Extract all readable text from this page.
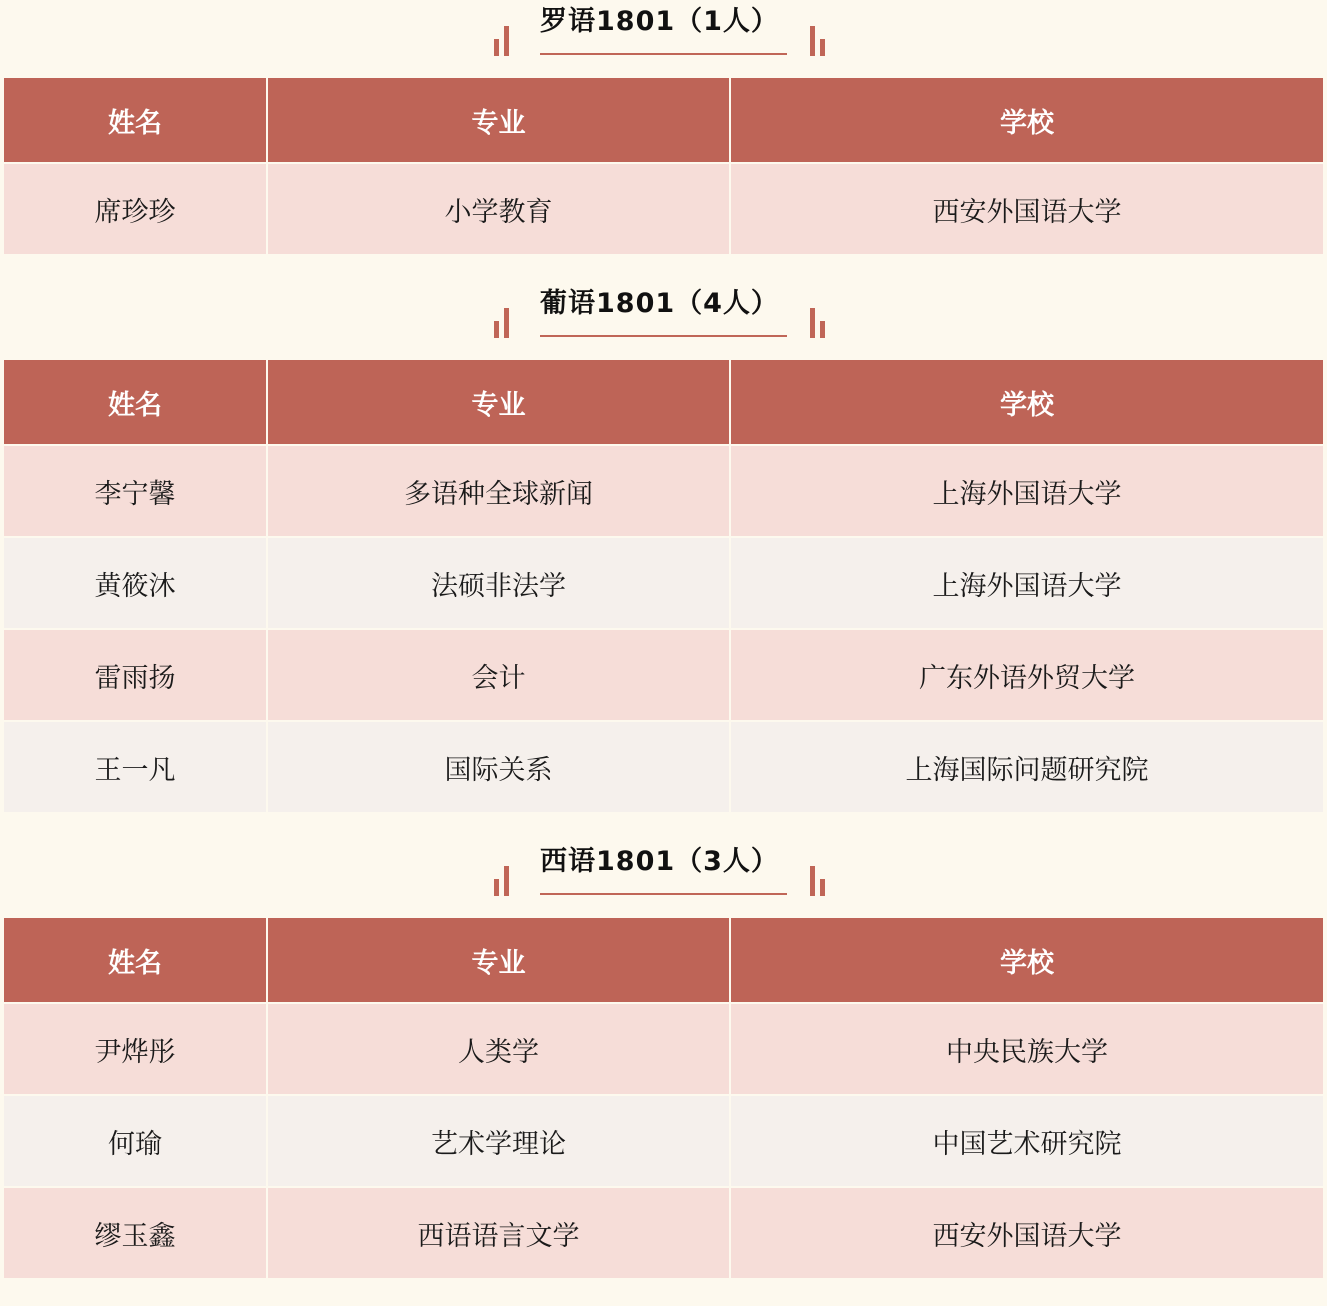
罗语1801（1人）
姓名	专业	学校
席珍珍	小学教育	西安外国语大学
葡语1801（4人）
姓名	专业	学校
李宁馨	多语种全球新闻	上海外国语大学
黄筱沐	法硕非法学	上海外国语大学
雷雨扬	会计	广东外语外贸大学
王一凡	国际关系	上海国际问题研究院
西语1801（3人）
姓名	专业	学校
尹烨彤	人类学	中央民族大学
何瑜	艺术学理论	中国艺术研究院
缪玉鑫	西语语言文学	西安外国语大学
